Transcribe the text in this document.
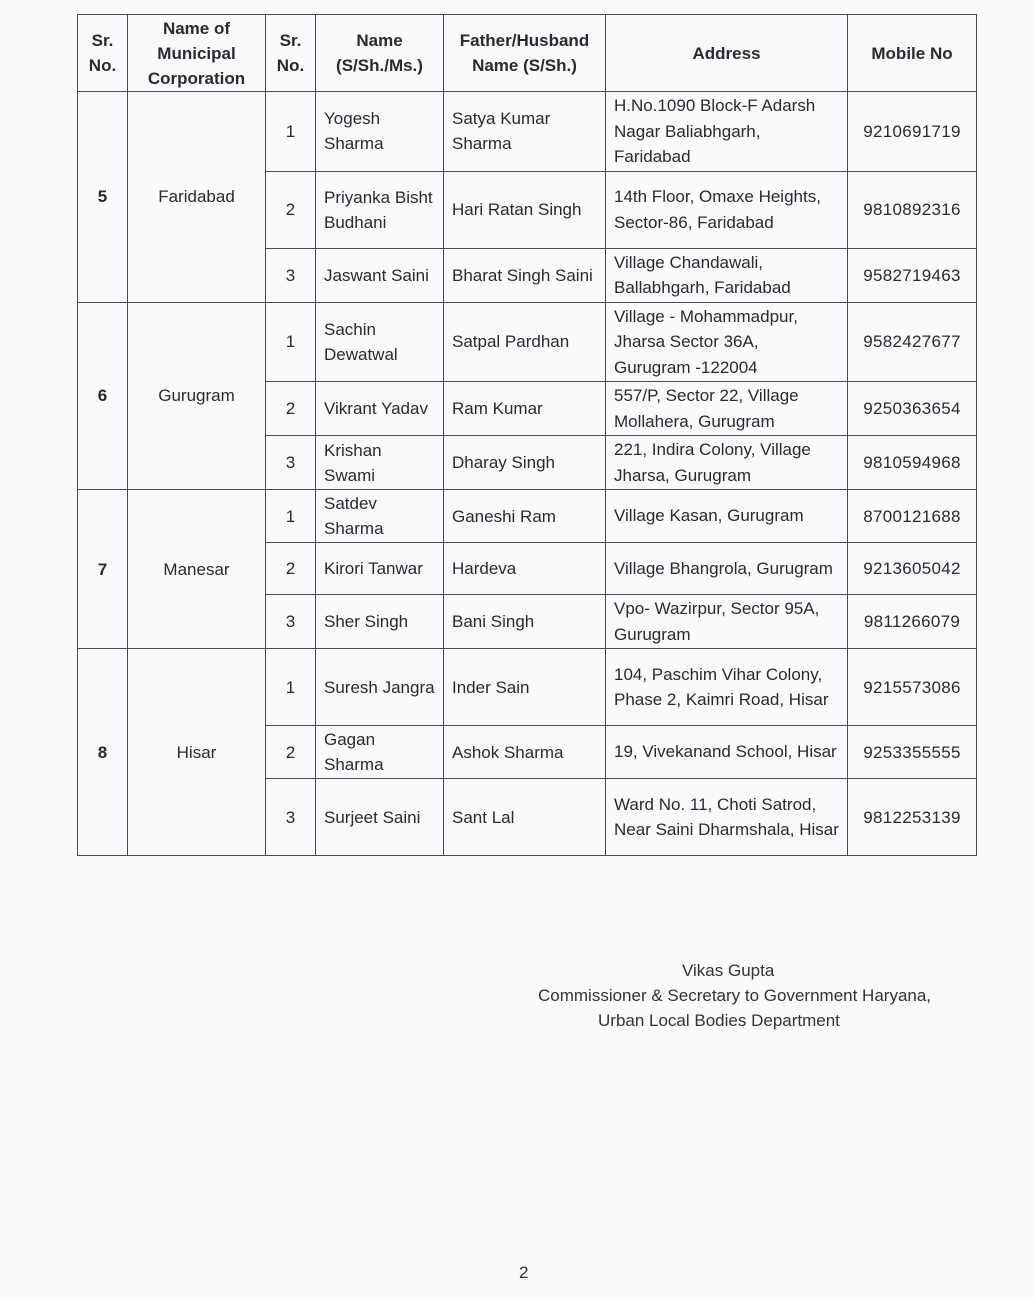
Sr. No.	Name of Municipal Corporation	Sr. No.	Name (S/Sh./Ms.)	Father/Husband Name (S/Sh.)	Address	Mobile No
5	Faridabad	1	Yogesh Sharma	Satya Kumar Sharma	H.No.1090 Block-F Adarsh Nagar Baliabhgarh, Faridabad	9210691719
		2	Priyanka Bisht Budhani	Hari Ratan Singh	14th Floor, Omaxe Heights, Sector-86, Faridabad	9810892316
		3	Jaswant Saini	Bharat Singh Saini	Village Chandawali, Ballabhgarh, Faridabad	9582719463
6	Gurugram	1	Sachin Dewatwal	Satpal Pardhan	Village - Mohammadpur, Jharsa Sector 36A, Gurugram -122004	9582427677
		2	Vikrant Yadav	Ram Kumar	557/P, Sector 22, Village Mollahera, Gurugram	9250363654
		3	Krishan Swami	Dharay Singh	221, Indira Colony, Village Jharsa, Gurugram	9810594968
7	Manesar	1	Satdev Sharma	Ganeshi Ram	Village Kasan, Gurugram	8700121688
		2	Kirori Tanwar	Hardeva	Village Bhangrola, Gurugram	9213605042
		3	Sher Singh	Bani Singh	Vpo- Wazirpur, Sector 95A, Gurugram	9811266079
8	Hisar	1	Suresh Jangra	Inder Sain	104, Paschim Vihar Colony, Phase 2, Kaimri Road, Hisar	9215573086
		2	Gagan Sharma	Ashok Sharma	19, Vivekanand School, Hisar	9253355555
		3	Surjeet Saini	Sant Lal	Ward No. 11, Choti Satrod, Near Saini Dharmshala, Hisar	9812253139
Vikas Gupta
Commissioner & Secretary to Government Haryana,
Urban Local Bodies Department
2
